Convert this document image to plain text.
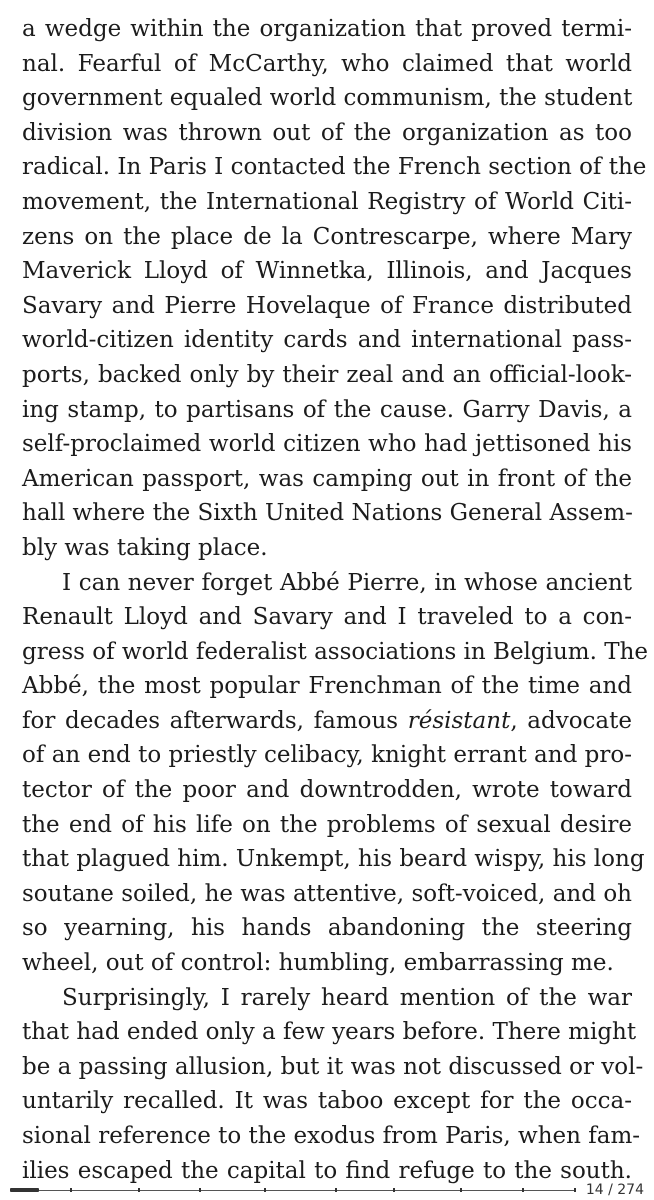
a wedge within the organization that proved termi-
nal. Fearful of McCarthy, who claimed that world
government equaled world communism, the student
division was thrown out of the organization as too
radical. In Paris I contacted the French section of the
movement, the International Registry of World Citi-
zens on the place de la Contrescarpe, where Mary
Maverick Lloyd of Winnetka, Illinois, and Jacques
Savary and Pierre Hovelaque of France distributed
world-citizen identity cards and international pass-
ports, backed only by their zeal and an official-look-
ing stamp, to partisans of the cause. Garry Davis, a
self-proclaimed world citizen who had jettisoned his
American passport, was camping out in front of the
hall where the Sixth United Nations General Assem-
bly was taking place.
I can never forget Abbé Pierre, in whose ancient
Renault Lloyd and Savary and I traveled to a con-
gress of world federalist associations in Belgium. The
Abbé, the most popular Frenchman of the time and
for decades afterwards, famous résistant, advocate
of an end to priestly celibacy, knight errant and pro-
tector of the poor and downtrodden, wrote toward
the end of his life on the problems of sexual desire
that plagued him. Unkempt, his beard wispy, his long
soutane soiled, he was attentive, soft-voiced, and oh
so yearning, his hands abandoning the steering
wheel, out of control: humbling, embarrassing me.
Surprisingly, I rarely heard mention of the war
that had ended only a few years before. There might
be a passing allusion, but it was not discussed or vol-
untarily recalled. It was taboo except for the occa-
sional reference to the exodus from Paris, when fam-
ilies escaped the capital to find refuge to the south.
14 / 274
